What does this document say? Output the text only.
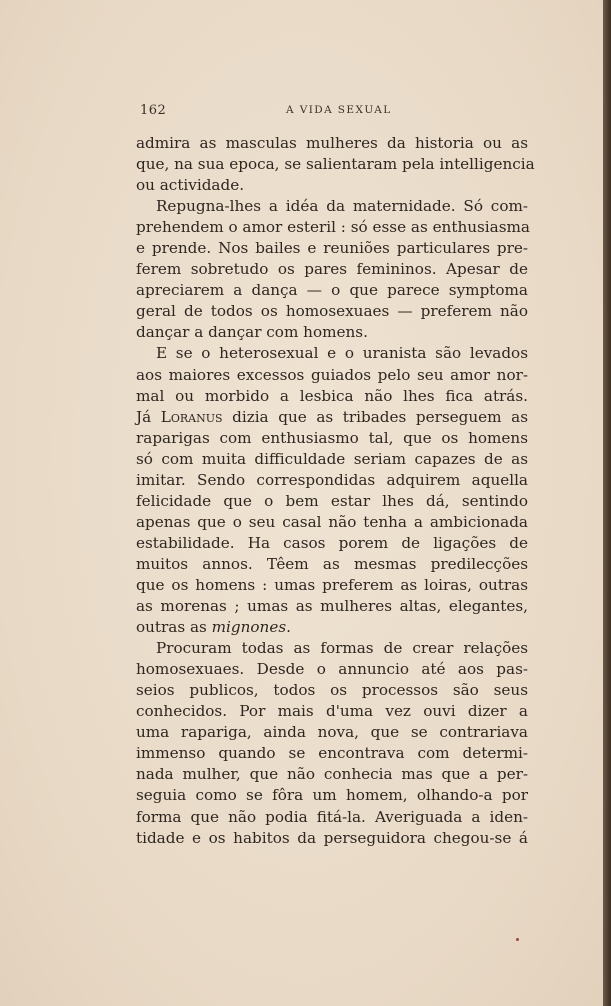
162	A VIDA SEXUAL
admira as masculas mulheres da historia ou as
que, na sua epoca, se salientaram pela intelligencia
ou actividade.
Repugna-lhes a idéa da maternidade. Só com-
prehendem o amor esteril : só esse as enthusiasma
e prende. Nos bailes e reuniões particulares pre-
ferem sobretudo os pares femininos. Apesar de
apreciarem a dança — o que parece symptoma
geral de todos os homosexuaes — preferem não
dançar a dançar com homens.
E se o heterosexual e o uranista são levados
aos maiores excessos guiados pelo seu amor nor-
mal ou morbido a lesbica não lhes fica atrás.
Já Loranus dizia que as tribades perseguem as
raparigas com enthusiasmo tal, que os homens
só com muita difficuldade seriam capazes de as
imitar. Sendo correspondidas adquirem aquella
felicidade que o bem estar lhes dá, sentindo
apenas que o seu casal não tenha a ambicionada
estabilidade. Ha casos porem de ligações de
muitos annos. Têem as mesmas predilecções
que os homens : umas preferem as loiras, outras
as morenas ; umas as mulheres altas, elegantes,
outras as mignones.
Procuram todas as formas de crear relações
homosexuaes. Desde o annuncio até aos pas-
seios publicos, todos os processos são seus
conhecidos. Por mais d'uma vez ouvi dizer a
uma rapariga, ainda nova, que se contrariava
immenso quando se encontrava com determi-
nada mulher, que não conhecia mas que a per-
seguia como se fôra um homem, olhando-a por
forma que não podia fitá-la. Averiguada a iden-
tidade e os habitos da perseguidora chegou-se á
